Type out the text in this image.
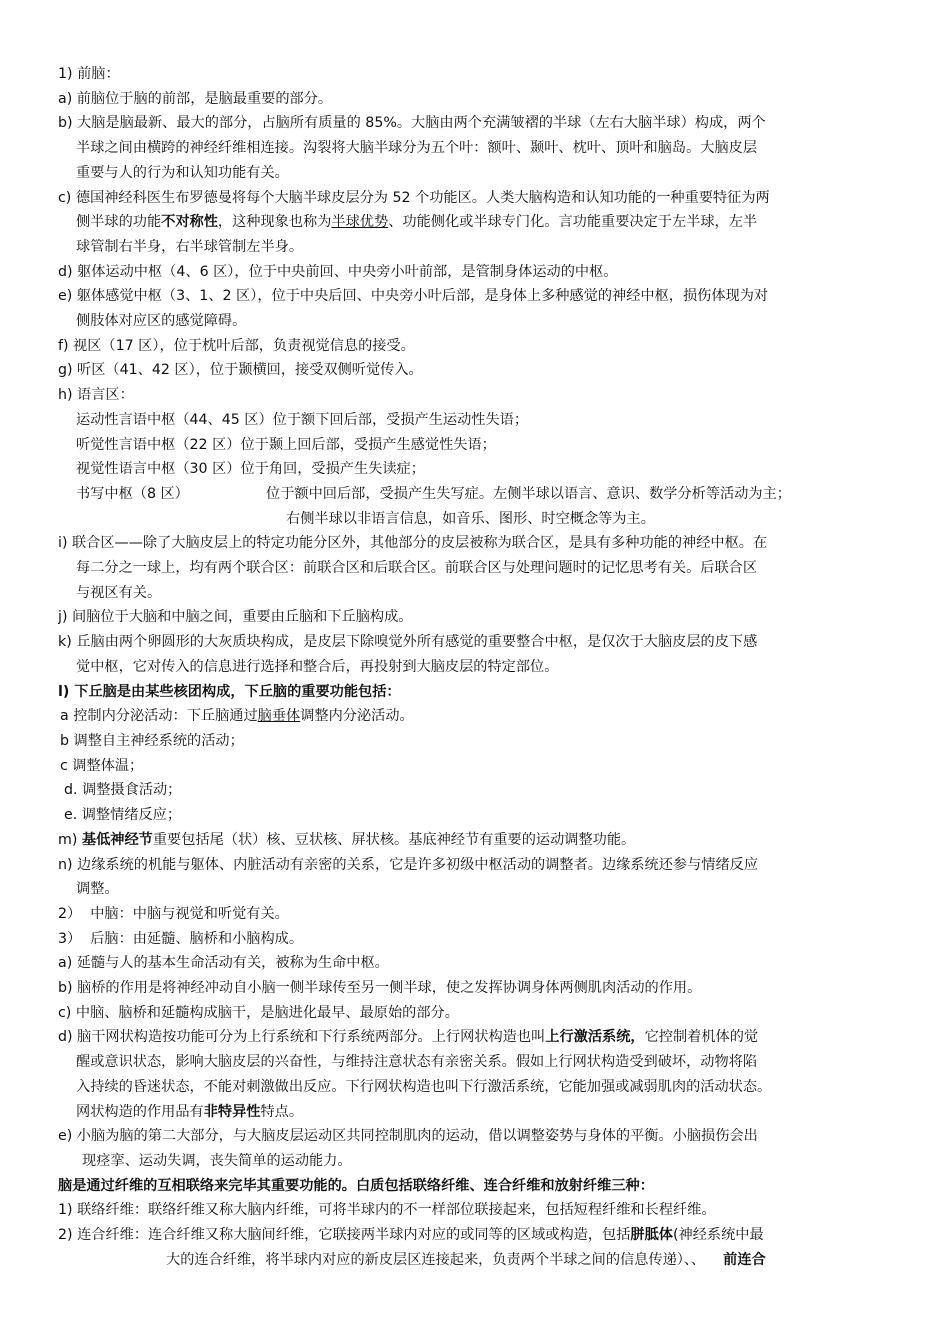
1) 前脑：
a) 前脑位于脑的前部，是脑最重要的部分。
b) 大脑是脑最新、最大的部分，占脑所有质量的 85%。大脑由两个充满皱褶的半球（左右大脑半球）构成，两个
半球之间由横跨的神经纤维相连接。沟裂将大脑半球分为五个叶：额叶、颞叶、枕叶、顶叶和脑岛。大脑皮层
重要与人的行为和认知功能有关。
c) 德国神经科医生布罗德曼将每个大脑半球皮层分为 52 个功能区。人类大脑构造和认知功能的一种重要特征为两
侧半球的功能不对称性，这种现象也称为半球优势、功能侧化或半球专门化。言功能重要决定于左半球，左半
球管制右半身，右半球管制左半身。
d) 躯体运动中枢（4、6 区），位于中央前回、中央旁小叶前部，是管制身体运动的中枢。
e) 躯体感觉中枢（3、1、2 区），位于中央后回、中央旁小叶后部，是身体上多种感觉的神经中枢，损伤体现为对
侧肢体对应区的感觉障碍。
f) 视区（17 区），位于枕叶后部，负责视觉信息的接受。
g) 听区（41、42 区），位于颞横回，接受双侧听觉传入。
h) 语言区：
运动性言语中枢（44、45 区）位于额下回后部，受损产生运动性失语；
听觉性言语中枢（22 区）位于颞上回后部，受损产生感觉性失语；
视觉性语言中枢（30 区）位于角回，受损产生失读症；
书写中枢（8 区）	位于额中回后部，受损产生失写症。左侧半球以语言、意识、数学分析等活动为主；
右侧半球以非语言信息，如音乐、图形、时空概念等为主。
i) 联合区——除了大脑皮层上的特定功能分区外，其他部分的皮层被称为联合区，是具有多种功能的神经中枢。在
每二分之一球上，均有两个联合区：前联合区和后联合区。前联合区与处理问题时的记忆思考有关。后联合区
与视区有关。
j) 间脑位于大脑和中脑之间，重要由丘脑和下丘脑构成。
k) 丘脑由两个卵圆形的大灰质块构成，是皮层下除嗅觉外所有感觉的重要整合中枢，是仅次于大脑皮层的皮下感
觉中枢，它对传入的信息进行选择和整合后，再投射到大脑皮层的特定部位。
l) 下丘脑是由某些核团构成，下丘脑的重要功能包括：
a 控制内分泌活动：下丘脑通过脑垂体调整内分泌活动。
b 调整自主神经系统的活动；
c 调整体温；
d. 调整摄食活动；
e. 调整情绪反应；
m) 基低神经节重要包括尾（状）核、豆状核、屏状核。基底神经节有重要的运动调整功能。
n) 边缘系统的机能与躯体、内脏活动有亲密的关系，它是许多初级中枢活动的调整者。边缘系统还参与情绪反应
调整。
2）  中脑：中脑与视觉和听觉有关。
3）  后脑：由延髓、脑桥和小脑构成。
a) 延髓与人的基本生命活动有关，被称为生命中枢。
b) 脑桥的作用是将神经冲动自小脑一侧半球传至另一侧半球，使之发挥协调身体两侧肌肉活动的作用。
c) 中脑、脑桥和延髓构成脑干，是脑进化最早、最原始的部分。
d) 脑干网状构造按功能可分为上行系统和下行系统两部分。上行网状构造也叫上行激活系统，它控制着机体的觉
醒或意识状态，影响大脑皮层的兴奋性，与维持注意状态有亲密关系。假如上行网状构造受到破坏，动物将陷
入持续的昏迷状态，不能对刺激做出反应。下行网状构造也叫下行激活系统，它能加强或减弱肌肉的活动状态。
网状构造的作用品有非特异性特点。
e) 小脑为脑的第二大部分，与大脑皮层运动区共同控制肌肉的运动，借以调整姿势与身体的平衡。小脑损伤会出
现痉挛、运动失调，丧失简单的运动能力。
脑是通过纤维的互相联络来完毕其重要功能的。白质包括联络纤维、连合纤维和放射纤维三种：
1) 联络纤维：联络纤维又称大脑内纤维，可将半球内的不一样部位联接起来，包括短程纤维和长程纤维。
2) 连合纤维：连合纤维又称大脑间纤维，它联接两半球内对应的或同等的区域或构造，包括胼胝体(神经系统中最
大的连合纤维，将半球内对应的新皮层区连接起来，负责两个半球之间的信息传递）、、 前连合
